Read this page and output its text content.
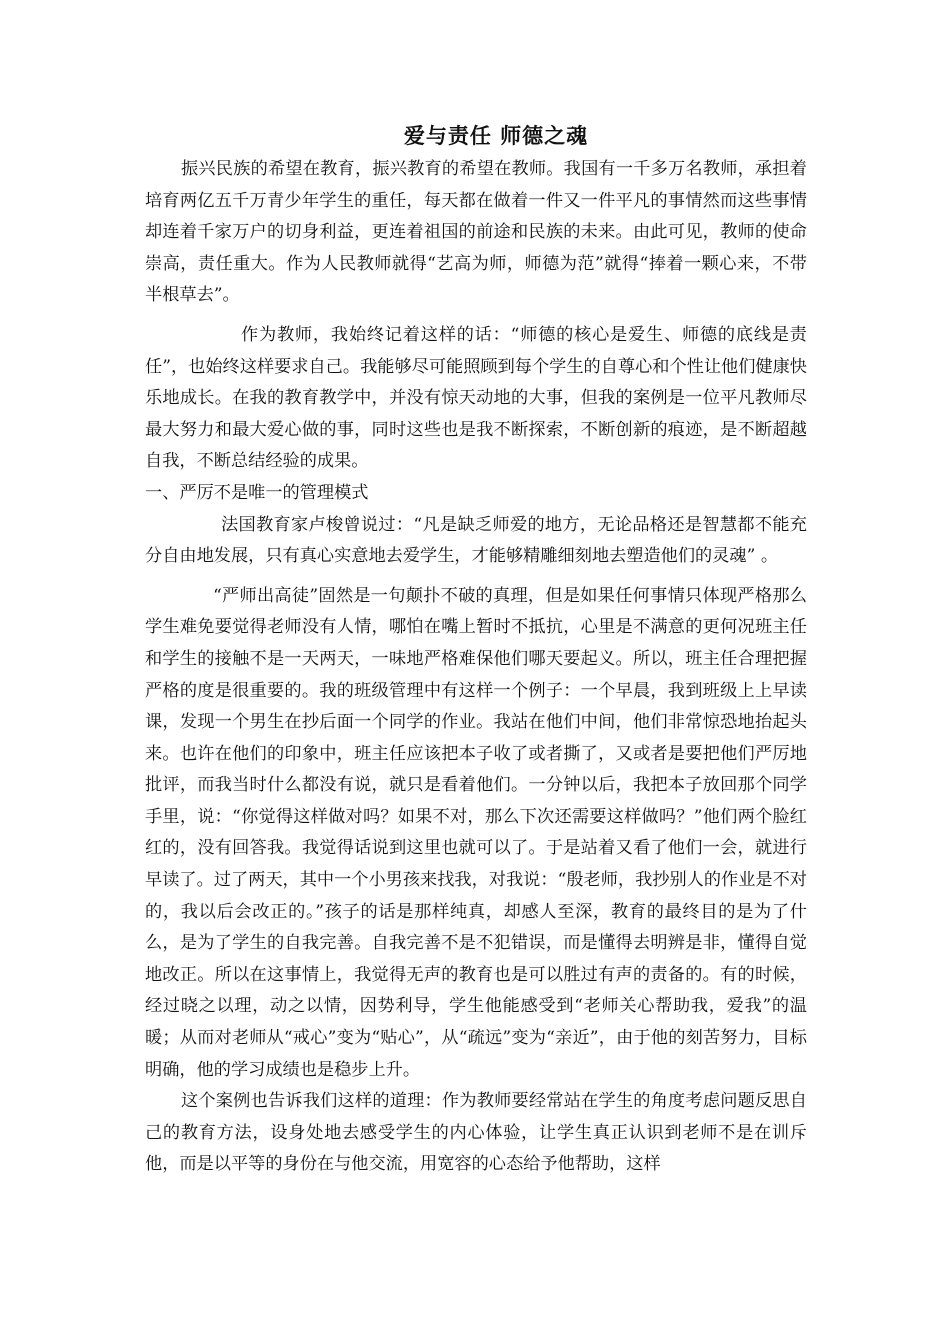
爱与责任 师德之魂

振兴民族的希望在教育，振兴教育的希望在教师。我国有一千多万名教师，承担着培育两亿五千万青少年学生的重任，每天都在做着一件又一件平凡的事情然而这些事情却连着千家万户的切身利益，更连着祖国的前途和民族的未来。由此可见，教师的使命崇高，责任重大。作为人民教师就得“艺高为师，师德为范”就得“捧着一颗心来，不带半根草去”。

作为教师，我始终记着这样的话：“师德的核心是爱生、师德的底线是责任”，也始终这样要求自己。我能够尽可能照顾到每个学生的自尊心和个性让他们健康快乐地成长。在我的教育教学中，并没有惊天动地的大事，但我的案例是一位平凡教师尽最大努力和最大爱心做的事，同时这些也是我不断探索，不断创新的痕迹，是不断超越自我，不断总结经验的成果。

一、严厉不是唯一的管理模式

法国教育家卢梭曾说过：“凡是缺乏师爱的地方，无论品格还是智慧都不能充分自由地发展，只有真心实意地去爱学生，才能够精雕细刻地去塑造他们的灵魂” 。

“严师出高徒”固然是一句颠扑不破的真理，但是如果任何事情只体现严格那么学生难免要觉得老师没有人情，哪怕在嘴上暂时不抵抗，心里是不满意的更何况班主任和学生的接触不是一天两天，一味地严格难保他们哪天要起义。所以，班主任合理把握严格的度是很重要的。我的班级管理中有这样一个例子：一个早晨，我到班级上上早读课，发现一个男生在抄后面一个同学的作业。我站在他们中间，他们非常惊恐地抬起头来。也许在他们的印象中，班主任应该把本子收了或者撕了，又或者是要把他们严厉地批评，而我当时什么都没有说，就只是看着他们。一分钟以后，我把本子放回那个同学手里，说：“你觉得这样做对吗？如果不对，那么下次还需要这样做吗？”他们两个脸红红的，没有回答我。我觉得话说到这里也就可以了。于是站着又看了他们一会，就进行早读了。过了两天，其中一个小男孩来找我，对我说：“殷老师，我抄别人的作业是不对的，我以后会改正的。”孩子的话是那样纯真，却感人至深，教育的最终目的是为了什么，是为了学生的自我完善。自我完善不是不犯错误，而是懂得去明辨是非，懂得自觉地改正。所以在这事情上，我觉得无声的教育也是可以胜过有声的责备的。有的时候，经过晓之以理，动之以情，因势利导，学生他能感受到“老师关心帮助我，爱我”的温暖；从而对老师从“戒心”变为“贴心”，从“疏远”变为“亲近”，由于他的刻苦努力，目标明确，他的学习成绩也是稳步上升。

这个案例也告诉我们这样的道理：作为教师要经常站在学生的角度考虑问题反思自己的教育方法，设身处地去感受学生的内心体验，让学生真正认识到老师不是在训斥他，而是以平等的身份在与他交流，用宽容的心态给予他帮助，这样
